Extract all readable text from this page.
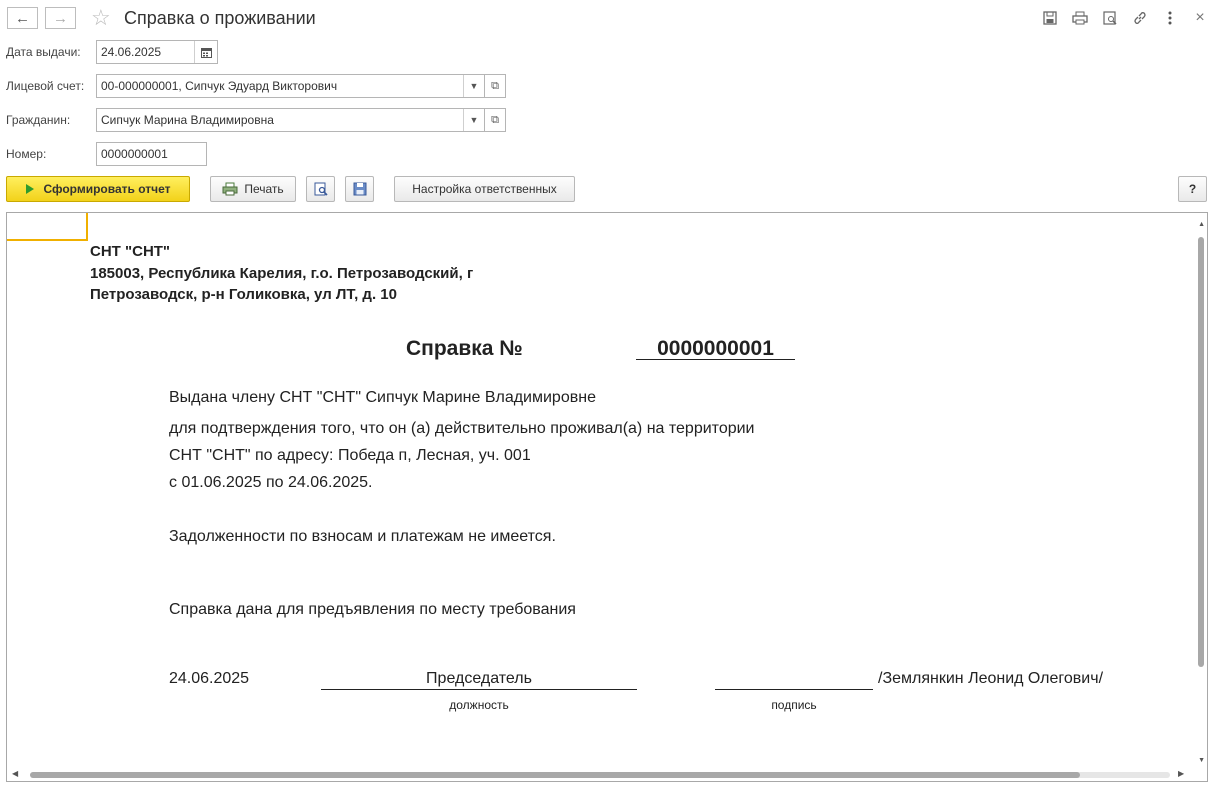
← → ☆ Справка о проживании	×
Дата выдачи: 24.06.2025
Лицевой счет: 00-000000001, Сипчук Эдуард Викторович	▼ ⧉
Гражданин:	Сипчук Марина Владимировна	▼ ⧉
Номер:	0000000001
Сформировать отчет	Печать	Настройка ответственных	?
СНТ "СНТ"
185003, Республика Карелия, г.о. Петрозаводский, г
Петрозаводск, р-н Голиковка, ул ЛТ, д. 10
Справка №	0000000001
Выдана члену СНТ "СНТ" Сипчук Марине Владимировне
для подтверждения того, что он (а) действительно проживал(а) на территории
СНТ "СНТ" по адресу: Победа п, Лесная, уч. 001
с 01.06.2025 по 24.06.2025.
Задолженности по взносам и платежам не имеется.
Справка дана для предъявления по месту требования
24.06.2025	Председатель
должность	подпись
/Землянкин Леонид Олегович/
▲
▼
◀	▶
